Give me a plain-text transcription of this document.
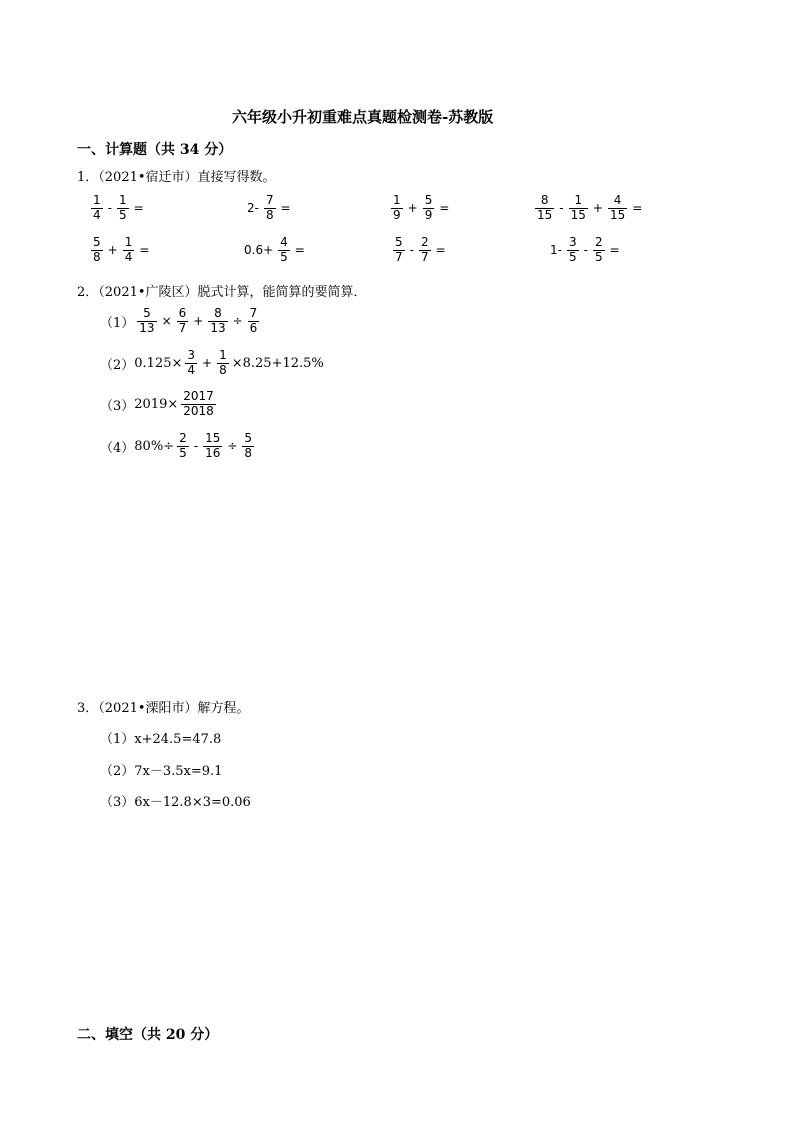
六年级小升初重难点真题检测卷-苏教版
一、计算题（共 34 分）
1．（2021•宿迁市）直接写得数。
$\frac{1}{4} - \frac{1}{5}$ =	$2- \frac{7}{8}$ =	$\frac{1}{9} + \frac{5}{9}$ =	$\frac{8}{15} - \frac{1}{15} + \frac{4}{15}$ =
$\frac{5}{8} + \frac{1}{4}$ =	$0.6+ \frac{4}{5}$ =	$\frac{5}{7} - \frac{2}{7}$ =	$1- \frac{3}{5} - \frac{2}{5}$ =
2．（2021•广陵区）脱式计算，能简算的要简算．
$(1) \frac{5}{13} \times \frac{6}{7} + \frac{8}{13} \div \frac{7}{6}$
（2） $0.125\times \frac{3}{4} + \frac{1}{8} \times 8.25+12.5\%$
（3） $2019\times \frac{2017}{2018}$
（4） $80\%\div \frac{2}{5} - \frac{15}{16} \div \frac{5}{8}$
3．（2021•溧阳市）解方程。
（1）x+24.5=47.8
（2）7x－3.5x=9.1
（3）6x－12.8×3=0.06
二、填空（共 20 分）
